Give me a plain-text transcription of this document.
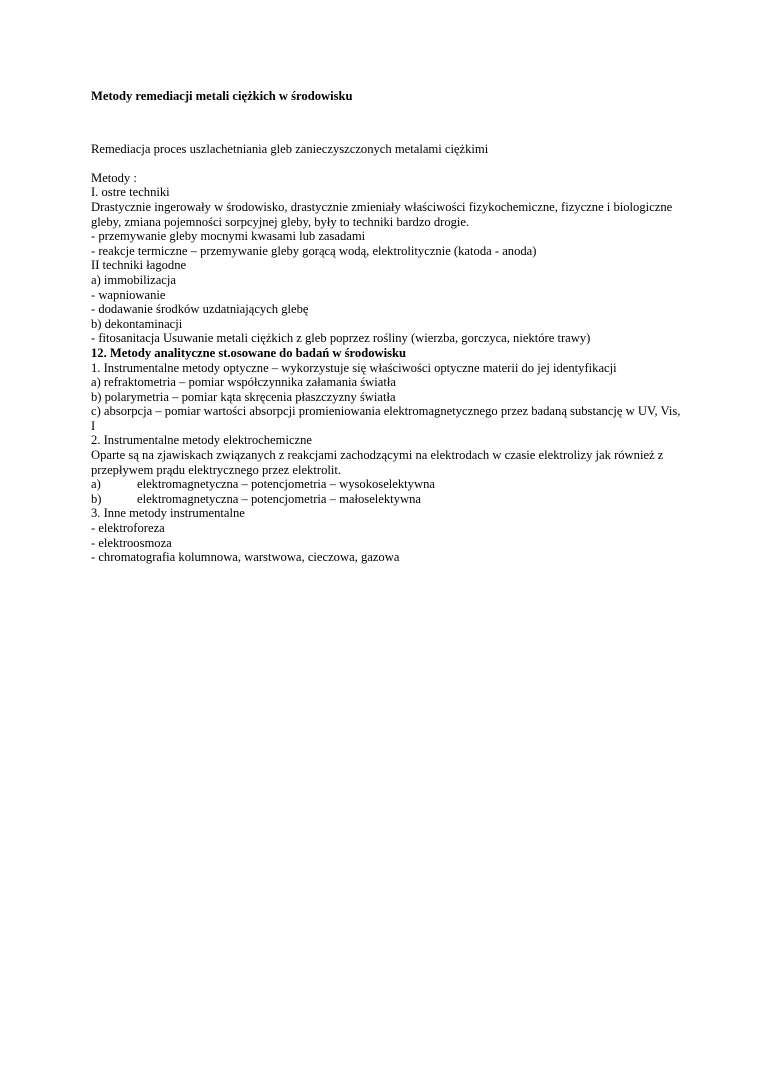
Metody remediacji metali ciężkich w środowisku

Remediacja proces uszlachetniania gleb zanieczyszczonych metalami ciężkimi

Metody :

I. ostre techniki

Drastycznie ingerowały w środowisko, drastycznie zmieniały właściwości fizykochemiczne, fizyczne i biologiczne gleby, zmiana pojemności sorpcyjnej gleby, były to techniki bardzo drogie.

- przemywanie gleby mocnymi kwasami lub zasadami

- reakcje termiczne – przemywanie gleby gorącą wodą, elektrolitycznie (katoda - anoda)

II techniki łagodne

a) immobilizacja

- wapniowanie

- dodawanie środków uzdatniających glebę

b) dekontaminacji

- fitosanitacja Usuwanie metali ciężkich z gleb poprzez rośliny (wierzba, gorczyca, niektóre trawy)

12. Metody analityczne st.osowane do badań w środowisku

1. Instrumentalne metody optyczne – wykorzystuje się właściwości optyczne materii do jej identyfikacji

a) refraktometria – pomiar współczynnika załamania światła

b) polarymetria – pomiar kąta skręcenia płaszczyzny światła

c) absorpcja – pomiar wartości absorpcji promieniowania elektromagnetycznego przez badaną substancję w UV, Vis, I

2. Instrumentalne metody elektrochemiczne

Oparte są na zjawiskach związanych z reakcjami zachodzącymi na elektrodach w czasie elektrolizy jak również z przepływem prądu elektrycznego przez elektrolit.

a)	elektromagnetyczna – potencjometria – wysokoselektywna
b)	elektromagnetyczna – potencjometria – małoselektywna

3. Inne metody instrumentalne

- elektroforeza

- elektroosmoza

- chromatografia kolumnowa, warstwowa, cieczowa, gazowa
